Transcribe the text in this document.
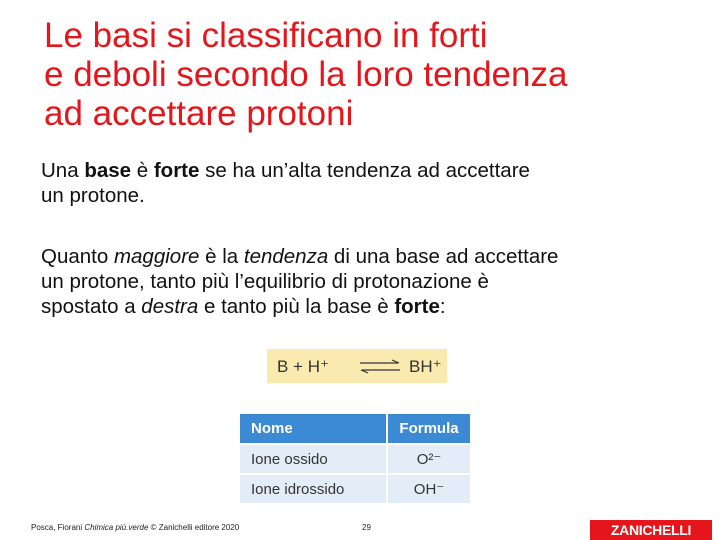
Le basi si classificano in forti
e deboli secondo la loro tendenza
ad accettare protoni
Una base è forte se ha un’alta tendenza ad accettare
un protone.
Quanto maggiore è la tendenza di una base ad accettare
un protone, tanto più l’equilibrio di protonazione è
spostato a destra e tanto più la base è forte:
B + H⁺ ⇌ BH⁺
Nome	Formula
Ione ossido	O²⁻
Ione idrossido	OH⁻
Posca, Fiorani Chimica più.verde © Zanichelli editore 2020	29	ZANICHELLI
